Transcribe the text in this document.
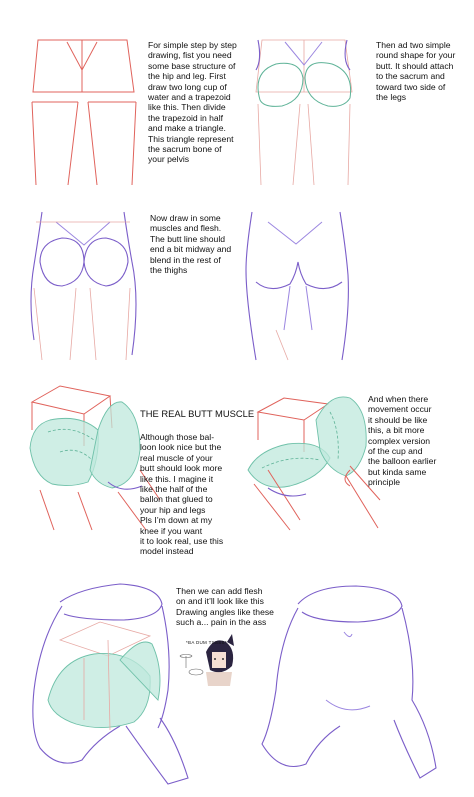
For simple step by step
drawing, fist you need
some base structure of
the hip and leg. First
draw two long cup of
water and a trapezoid
like this. Then divide
the trapezoid in half
and make a triangle.
This triangle represent
the sacrum bone of
your pelvis
Then ad two simple
round shape for your
butt. It should attach
to the sacrum and
toward two side of
the legs
Now draw in some
muscles and flesh.
The butt line should
end a bit midway and
blend in the rest of
the thighs
THE REAL BUTT MUSCLE
Although those bal-
loon look nice but the
real muscle of your
butt should look more
like this. I magine it
like the half of the
ballon that glued to
your hip and legs
Pls I’m down at my
knee if you want
it to look real, use this
model instead
And when there
movement occur
it should be like
this, a bit more
complex version
of the cup and
the balloon earlier
but kinda same
principle
Then we can add flesh
on and it’ll look like this
Drawing angles like these
such a... pain in the ass
*BA DUM TSSSS*
